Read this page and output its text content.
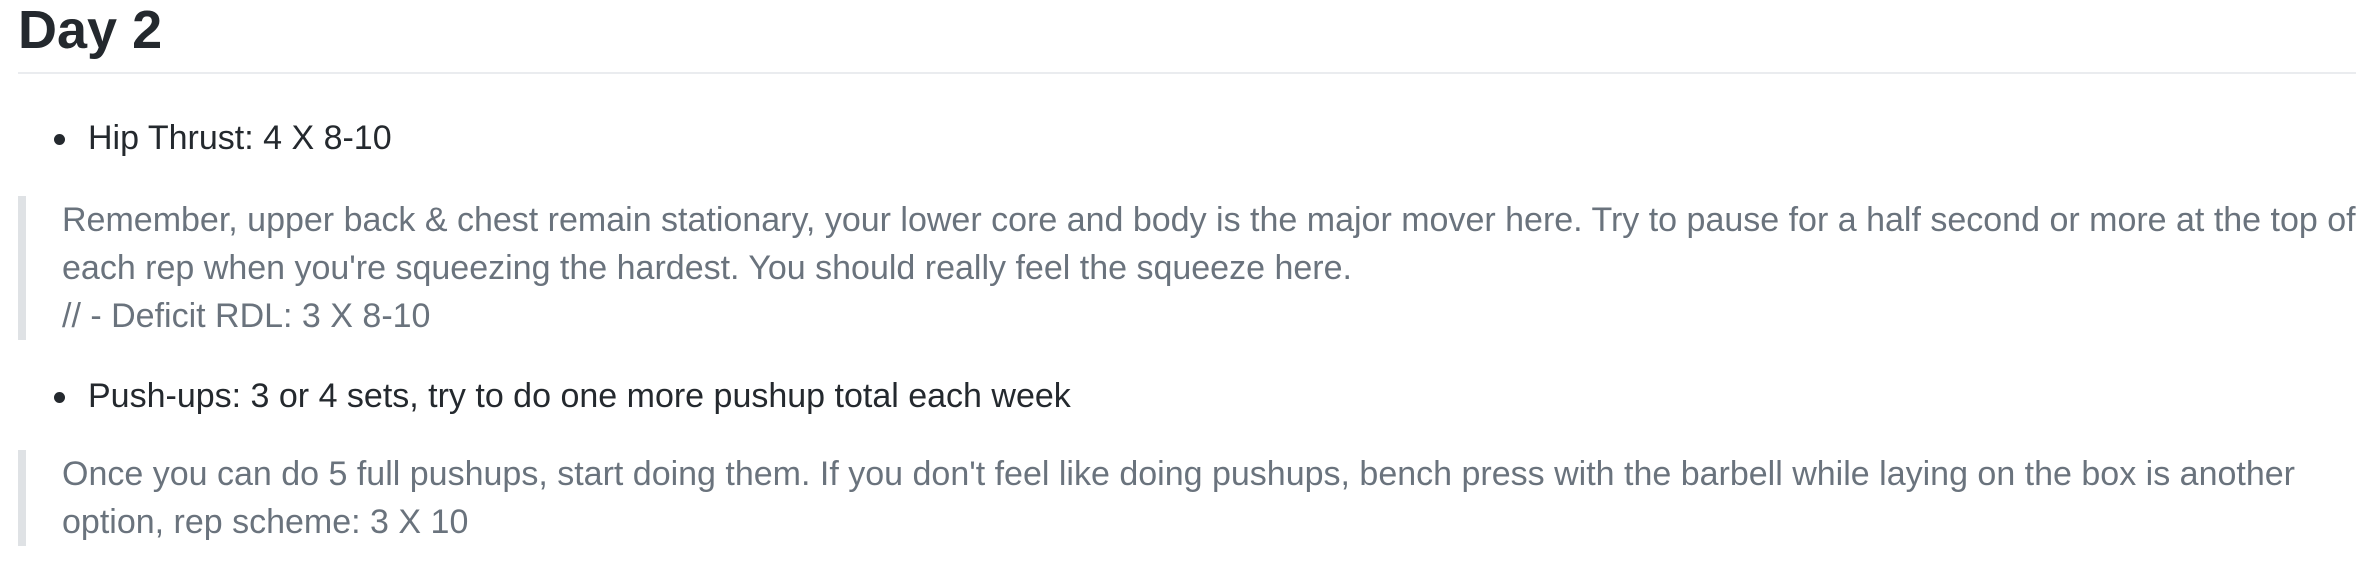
Day 2
Hip Thrust: 4 X 8-10

Remember, upper back & chest remain stationary, your lower core and body is the major mover here. Try to pause for a half second or more at the top of

each rep when you're squeezing the hardest. You should really feel the squeeze here.

// - Deficit RDL: 3 X 8-10

Push-ups: 3 or 4 sets, try to do one more pushup total each week

Once you can do 5 full pushups, start doing them. If you don't feel like doing pushups, bench press with the barbell while laying on the box is another

option, rep scheme: 3 X 10
